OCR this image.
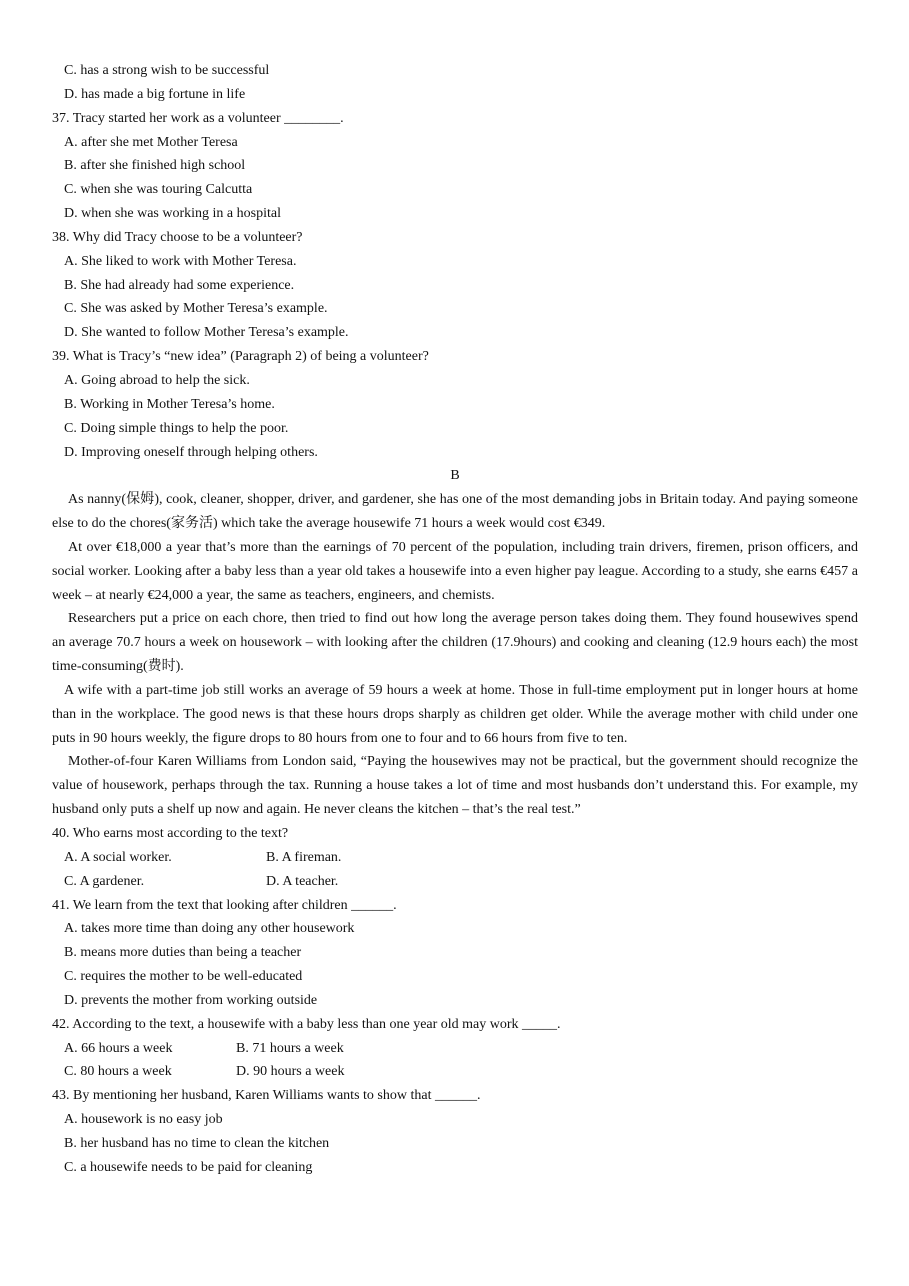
C. has a strong wish to be successful
D. has made a big fortune in life
37. Tracy started her work as a volunteer ________.
A. after she met Mother Teresa
B. after she finished high school
C. when she was touring Calcutta
D. when she was working in a hospital
38. Why did Tracy choose to be a volunteer?
A. She liked to work with Mother Teresa.
B. She had already had some experience.
C. She was asked by Mother Teresa’s example.
D. She wanted to follow Mother Teresa’s example.
39. What is Tracy’s “new idea” (Paragraph 2) of being a volunteer?
A. Going abroad to help the sick.
B. Working in Mother Teresa’s home.
C. Doing simple things to help the poor.
D. Improving oneself through helping others.
B
As nanny(保姆), cook, cleaner, shopper, driver, and gardener, she has one of the most demanding jobs in Britain today. And paying someone else to do the chores(家务活) which take the average housewife 71 hours a week would cost €349.
At over €18,000 a year that’s more than the earnings of 70 percent of the population, including train drivers, firemen, prison officers, and social worker. Looking after a baby less than a year old takes a housewife into a even higher pay league. According to a study, she earns €457 a week – at nearly €24,000 a year, the same as teachers, engineers, and chemists.
Researchers put a price on each chore, then tried to find out how long the average person takes doing them. They found housewives spend an average 70.7 hours a week on housework – with looking after the children (17.9hours) and cooking and cleaning (12.9 hours each) the most time-consuming(费时).
A wife with a part-time job still works an average of 59 hours a week at home. Those in full-time employment put in longer hours at home than in the workplace. The good news is that these hours drops sharply as children get older. While the average mother with child under one puts in 90 hours weekly, the figure drops to 80 hours from one to four and to 66 hours from five to ten.
Mother-of-four Karen Williams from London said, “Paying the housewives may not be practical, but the government should recognize the value of housework, perhaps through the tax. Running a house takes a lot of time and most husbands don’t understand this. For example, my husband only puts a shelf up now and again. He never cleans the kitchen – that’s the real test.”
40. Who earns most according to the text?
A. A social worker.	B. A fireman.
C. A gardener.	D. A teacher.
41. We learn from the text that looking after children ______.
A. takes more time than doing any other housework
B. means more duties than being a teacher
C. requires the mother to be well-educated
D. prevents the mother from working outside
42. According to the text, a housewife with a baby less than one year old may work _____.
A. 66 hours a week	B. 71 hours a week
C. 80 hours a week	D. 90 hours a week
43. By mentioning her husband, Karen Williams wants to show that ______.
A. housework is no easy job
B. her husband has no time to clean the kitchen
C. a housewife needs to be paid for cleaning
